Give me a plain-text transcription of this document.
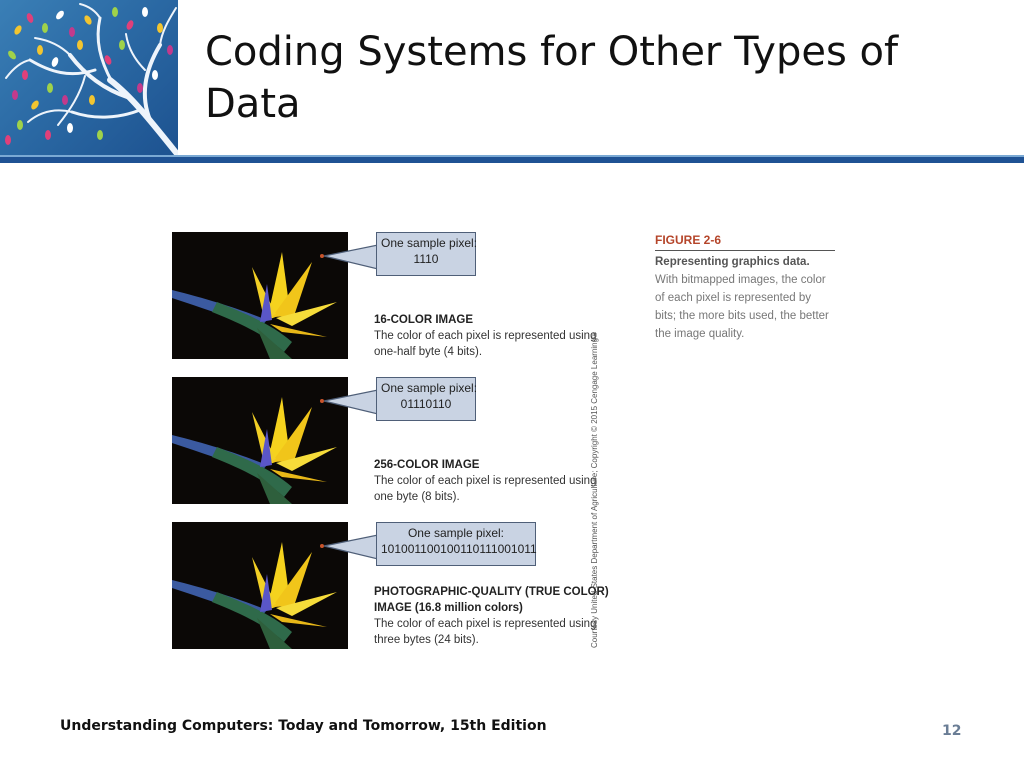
Coding Systems for Other Types of Data
One sample pixel:
1110
16-COLOR IMAGE
The color of each pixel is represented using one-half byte (4 bits).
One sample pixel:
01110110
256-COLOR IMAGE
The color of each pixel is represented using one byte (8 bits).
One sample pixel:
101001100100110111001011
PHOTOGRAPHIC-QUALITY (TRUE COLOR) IMAGE (16.8 million colors)
The color of each pixel is represented using three bytes (24 bits).	Courtesy United States Department of Agriculture; Copyright © 2015 Cengage Learning®
FIGURE 2-6
Representing graphics data.
With bitmapped images, the color of each pixel is represented by bits; the more bits used, the better the image quality.
Understanding Computers: Today and Tomorrow, 15th Edition	12
